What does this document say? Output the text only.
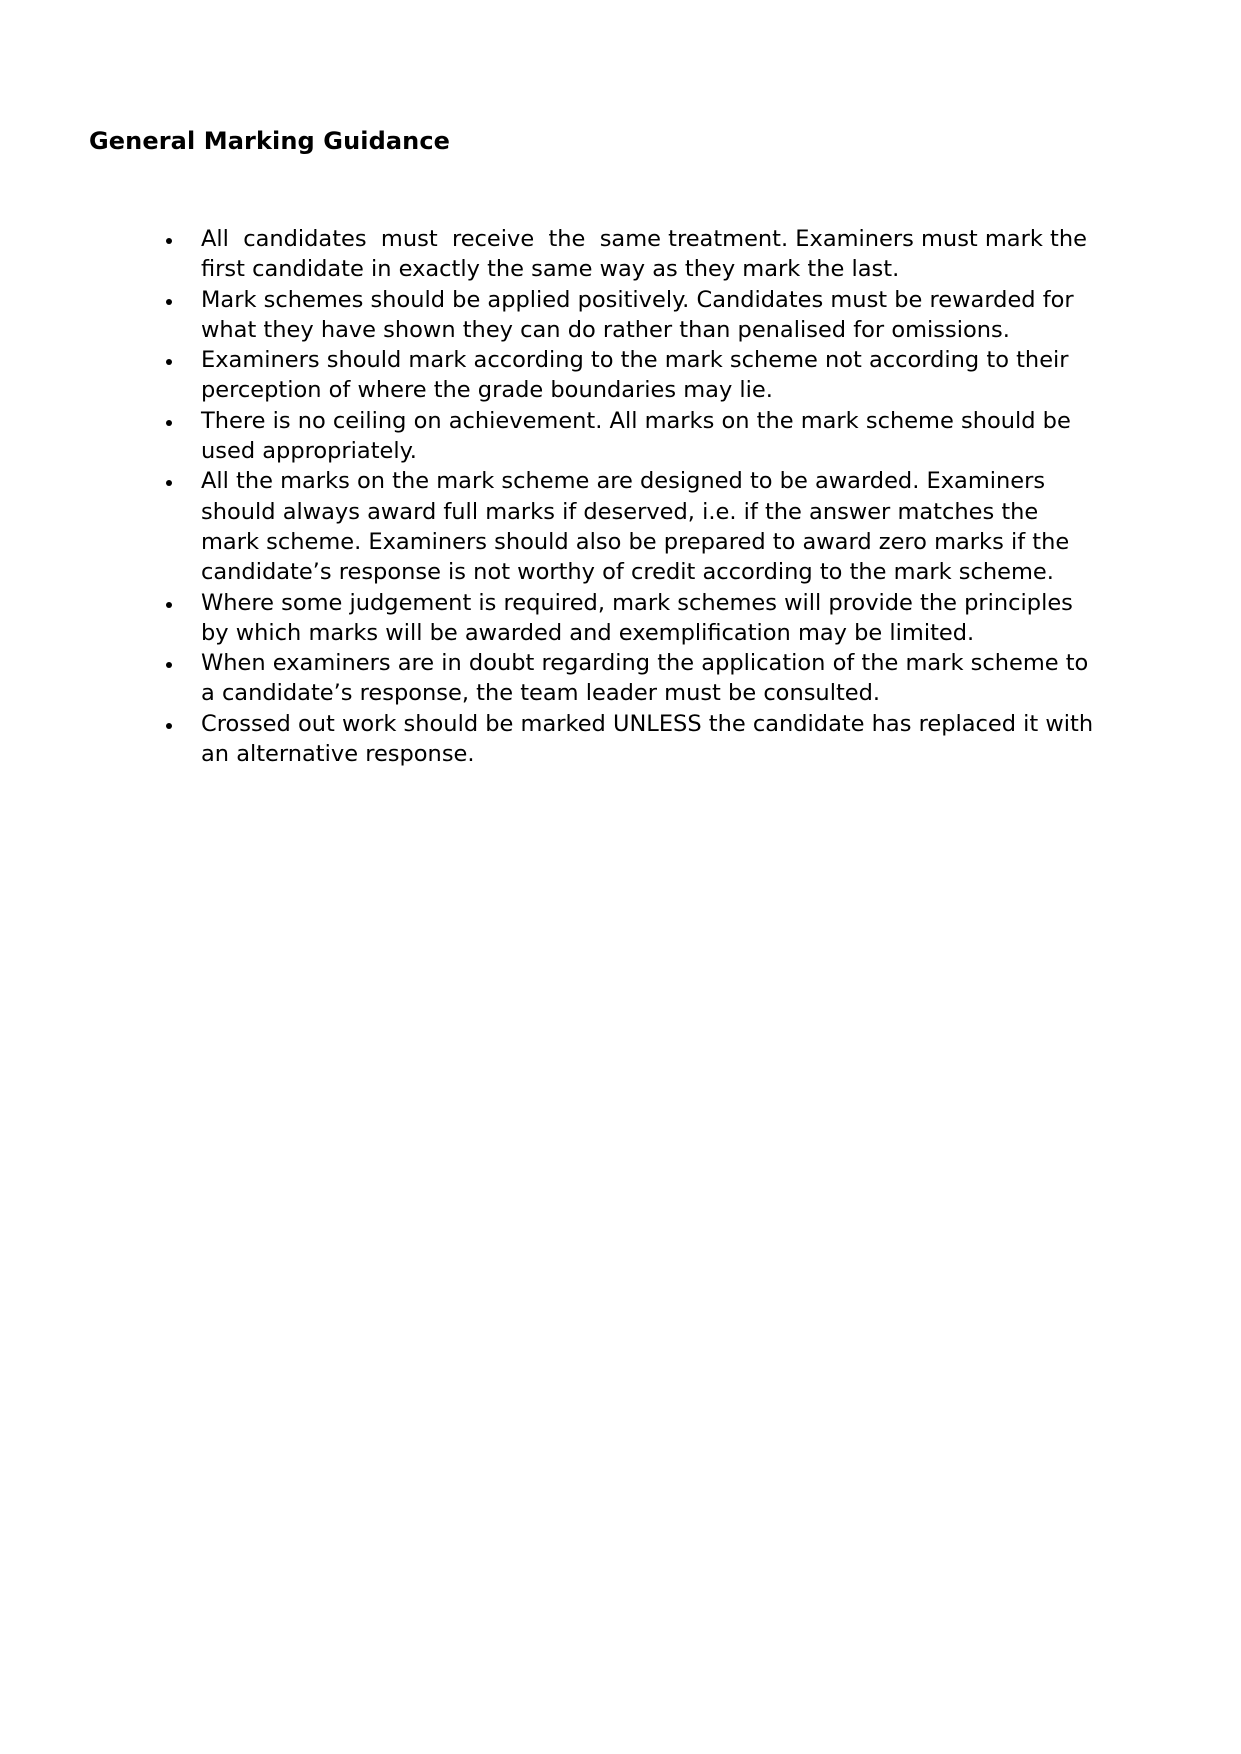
General Marking Guidance
All  candidates  must  receive  the  same treatment. Examiners must mark the first candidate in exactly the same way as they mark the last.
Mark schemes should be applied positively. Candidates must be rewarded for what they have shown they can do rather than penalised for omissions.
Examiners should mark according to the mark scheme not according to their perception of where the grade boundaries may lie.
There is no ceiling on achievement. All marks on the mark scheme should be used appropriately.
All the marks on the mark scheme are designed to be awarded. Examiners should always award full marks if deserved, i.e. if the answer matches the mark scheme. Examiners should also be prepared to award zero marks if the candidate’s response is not worthy of credit according to the mark scheme.
Where some judgement is required, mark schemes will provide the principles by which marks will be awarded and exemplification may be limited.
When examiners are in doubt regarding the application of the mark scheme to a candidate’s response, the team leader must be consulted.
Crossed out work should be marked UNLESS the candidate has replaced it with an alternative response.
